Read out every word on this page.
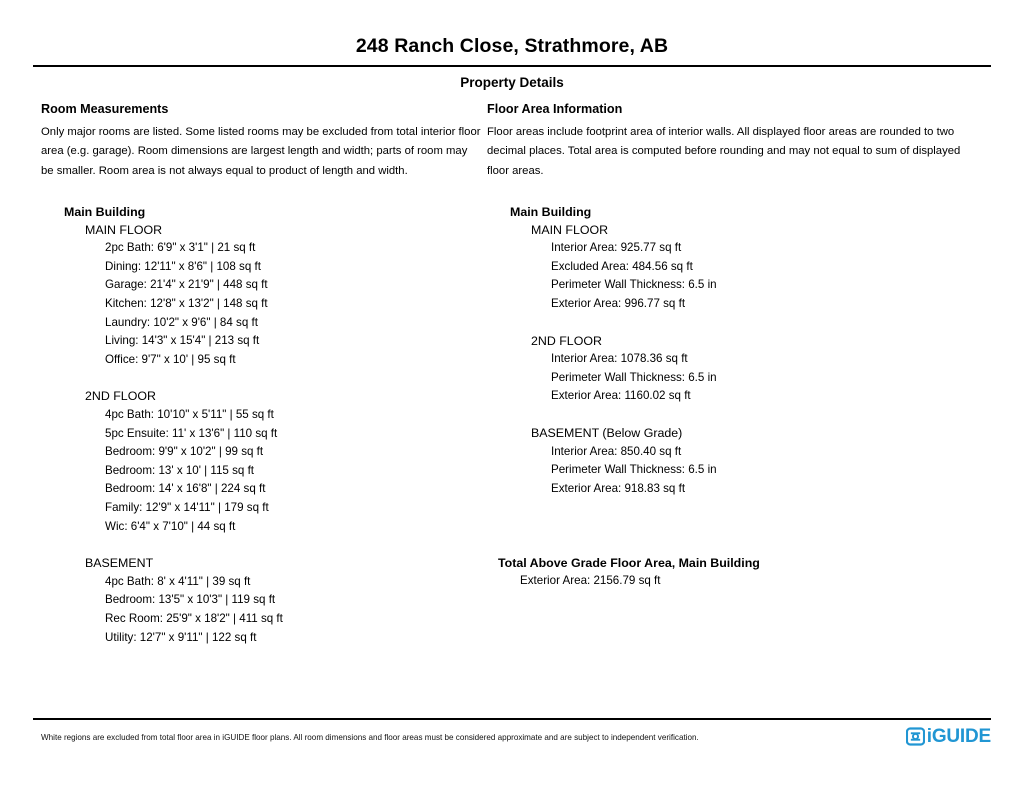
248 Ranch Close, Strathmore, AB
Property Details
Room Measurements

Only major rooms are listed. Some listed rooms may be excluded from total interior floor area (e.g. garage). Room dimensions are largest length and width; parts of room may be smaller. Room area is not always equal to product of length and width.

Main Building
MAIN FLOOR
2pc Bath: 6'9" x 3'1" | 21 sq ft
Dining: 12'11" x 8'6" | 108 sq ft
Garage: 21'4" x 21'9" | 448 sq ft
Kitchen: 12'8" x 13'2" | 148 sq ft
Laundry: 10'2" x 9'6" | 84 sq ft
Living: 14'3" x 15'4" | 213 sq ft
Office: 9'7" x 10' | 95 sq ft
2ND FLOOR
4pc Bath: 10'10" x 5'11" | 55 sq ft
5pc Ensuite: 11' x 13'6" | 110 sq ft
Bedroom: 9'9" x 10'2" | 99 sq ft
Bedroom: 13' x 10' | 115 sq ft
Bedroom: 14' x 16'8" | 224 sq ft
Family: 12'9" x 14'11" | 179 sq ft
Wic: 6'4" x 7'10" | 44 sq ft
BASEMENT
4pc Bath: 8' x 4'11" | 39 sq ft
Bedroom: 13'5" x 10'3" | 119 sq ft
Rec Room: 25'9" x 18'2" | 411 sq ft
Utility: 12'7" x 9'11" | 122 sq ft
Floor Area Information

Floor areas include footprint area of interior walls. All displayed floor areas are rounded to two decimal places. Total area is computed before rounding and may not equal to sum of displayed floor areas.

Main Building
MAIN FLOOR
Interior Area: 925.77 sq ft
Excluded Area: 484.56 sq ft
Perimeter Wall Thickness: 6.5 in
Exterior Area: 996.77 sq ft
2ND FLOOR
Interior Area: 1078.36 sq ft
Perimeter Wall Thickness: 6.5 in
Exterior Area: 1160.02 sq ft
BASEMENT (Below Grade)
Interior Area: 850.40 sq ft
Perimeter Wall Thickness: 6.5 in
Exterior Area: 918.83 sq ft
Total Above Grade Floor Area, Main Building
Exterior Area: 2156.79 sq ft
White regions are excluded from total floor area in iGUIDE floor plans. All room dimensions and floor areas must be considered approximate and are subject to independent verification.	iGUIDE
